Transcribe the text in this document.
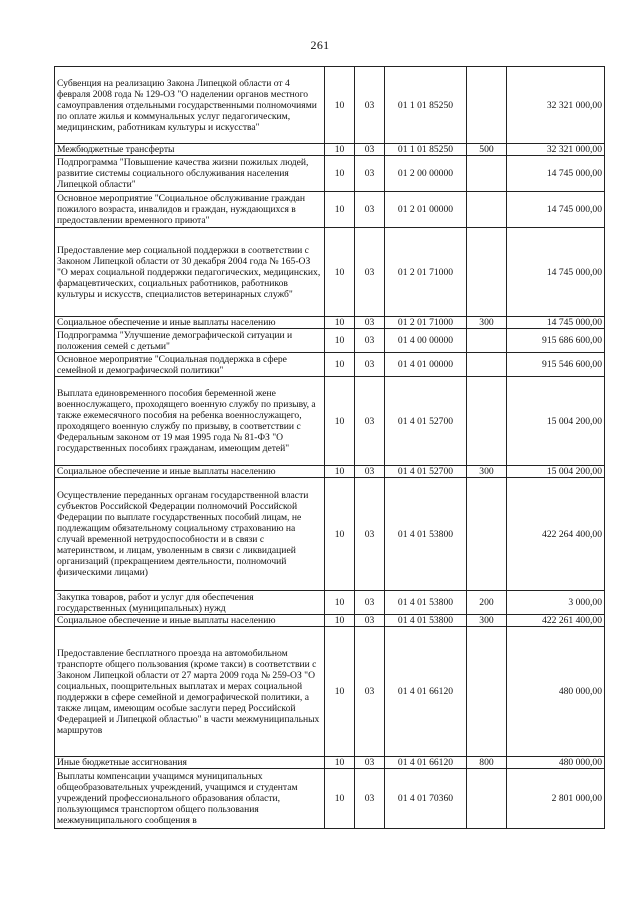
261
Субвенция на реализацию Закона Липецкой области от 4 февраля 2008 года № 129-ОЗ "О наделении органов местного самоуправления отдельными государственными полномочиями по оплате жилья и коммунальных услуг педагогическим, медицинским, работникам культуры и искусства"	10	03	01 1 01 85250		32 321 000,00
Межбюджетные трансферты	10	03	01 1 01 85250	500	32 321 000,00
Подпрограмма "Повышение качества жизни пожилых людей, развитие системы социального обслуживания населения Липецкой области"	10	03	01 2 00 00000		14 745 000,00
Основное мероприятие "Социальное обслуживание граждан пожилого возраста, инвалидов и граждан, нуждающихся в предоставлении временного приюта"	10	03	01 2 01 00000		14 745 000,00
Предоставление мер социальной поддержки в соответствии с Законом Липецкой области от 30 декабря 2004 года № 165-ОЗ "О мерах социальной поддержки педагогических, медицинских, фармацевтических, социальных работников, работников культуры и искусств, специалистов ветеринарных служб"	10	03	01 2 01 71000		14 745 000,00
Социальное обеспечение и иные выплаты населению	10	03	01 2 01 71000	300	14 745 000,00
Подпрограмма "Улучшение демографической ситуации и положения семей с детьми"	10	03	01 4 00 00000		915 686 600,00
Основное мероприятие "Социальная поддержка в сфере семейной и демографической политики"	10	03	01 4 01 00000		915 546 600,00
Выплата единовременного пособия беременной жене военнослужащего, проходящего военную службу по призыву, а также ежемесячного пособия на ребенка военнослужащего, проходящего военную службу по призыву, в соответствии с Федеральным законом от 19 мая 1995 года № 81-ФЗ "О государственных пособиях гражданам, имеющим детей"	10	03	01 4 01 52700		15 004 200,00
Социальное обеспечение и иные выплаты населению	10	03	01 4 01 52700	300	15 004 200,00
Осуществление переданных органам государственной власти субъектов Российской Федерации полномочий Российской Федерации по выплате государственных пособий лицам, не подлежащим обязательному социальному страхованию на случай временной нетрудоспособности и в связи с материнством, и лицам, уволенным в связи с ликвидацией организаций (прекращением деятельности, полномочий физическими лицами)	10	03	01 4 01 53800		422 264 400,00
Закупка товаров, работ и услуг для обеспечения государственных (муниципальных) нужд	10	03	01 4 01 53800	200	3 000,00
Социальное обеспечение и иные выплаты населению	10	03	01 4 01 53800	300	422 261 400,00
Предоставление бесплатного проезда на автомобильном транспорте общего пользования (кроме такси) в соответствии с Законом Липецкой области от 27 марта 2009 года № 259-ОЗ "О социальных, поощрительных выплатах и мерах социальной поддержки в сфере семейной и демографической политики, а также лицам, имеющим особые заслуги перед Российской Федерацией и Липецкой областью" в части межмуниципальных маршрутов	10	03	01 4 01 66120		480 000,00
Иные бюджетные ассигнования	10	03	01 4 01 66120	800	480 000,00
Выплаты компенсации учащимся муниципальных общеобразовательных учреждений, учащимся и студентам учреждений профессионального образования области, пользующимся транспортом общего пользования межмуниципального сообщения в	10	03	01 4 01 70360		2 801 000,00
